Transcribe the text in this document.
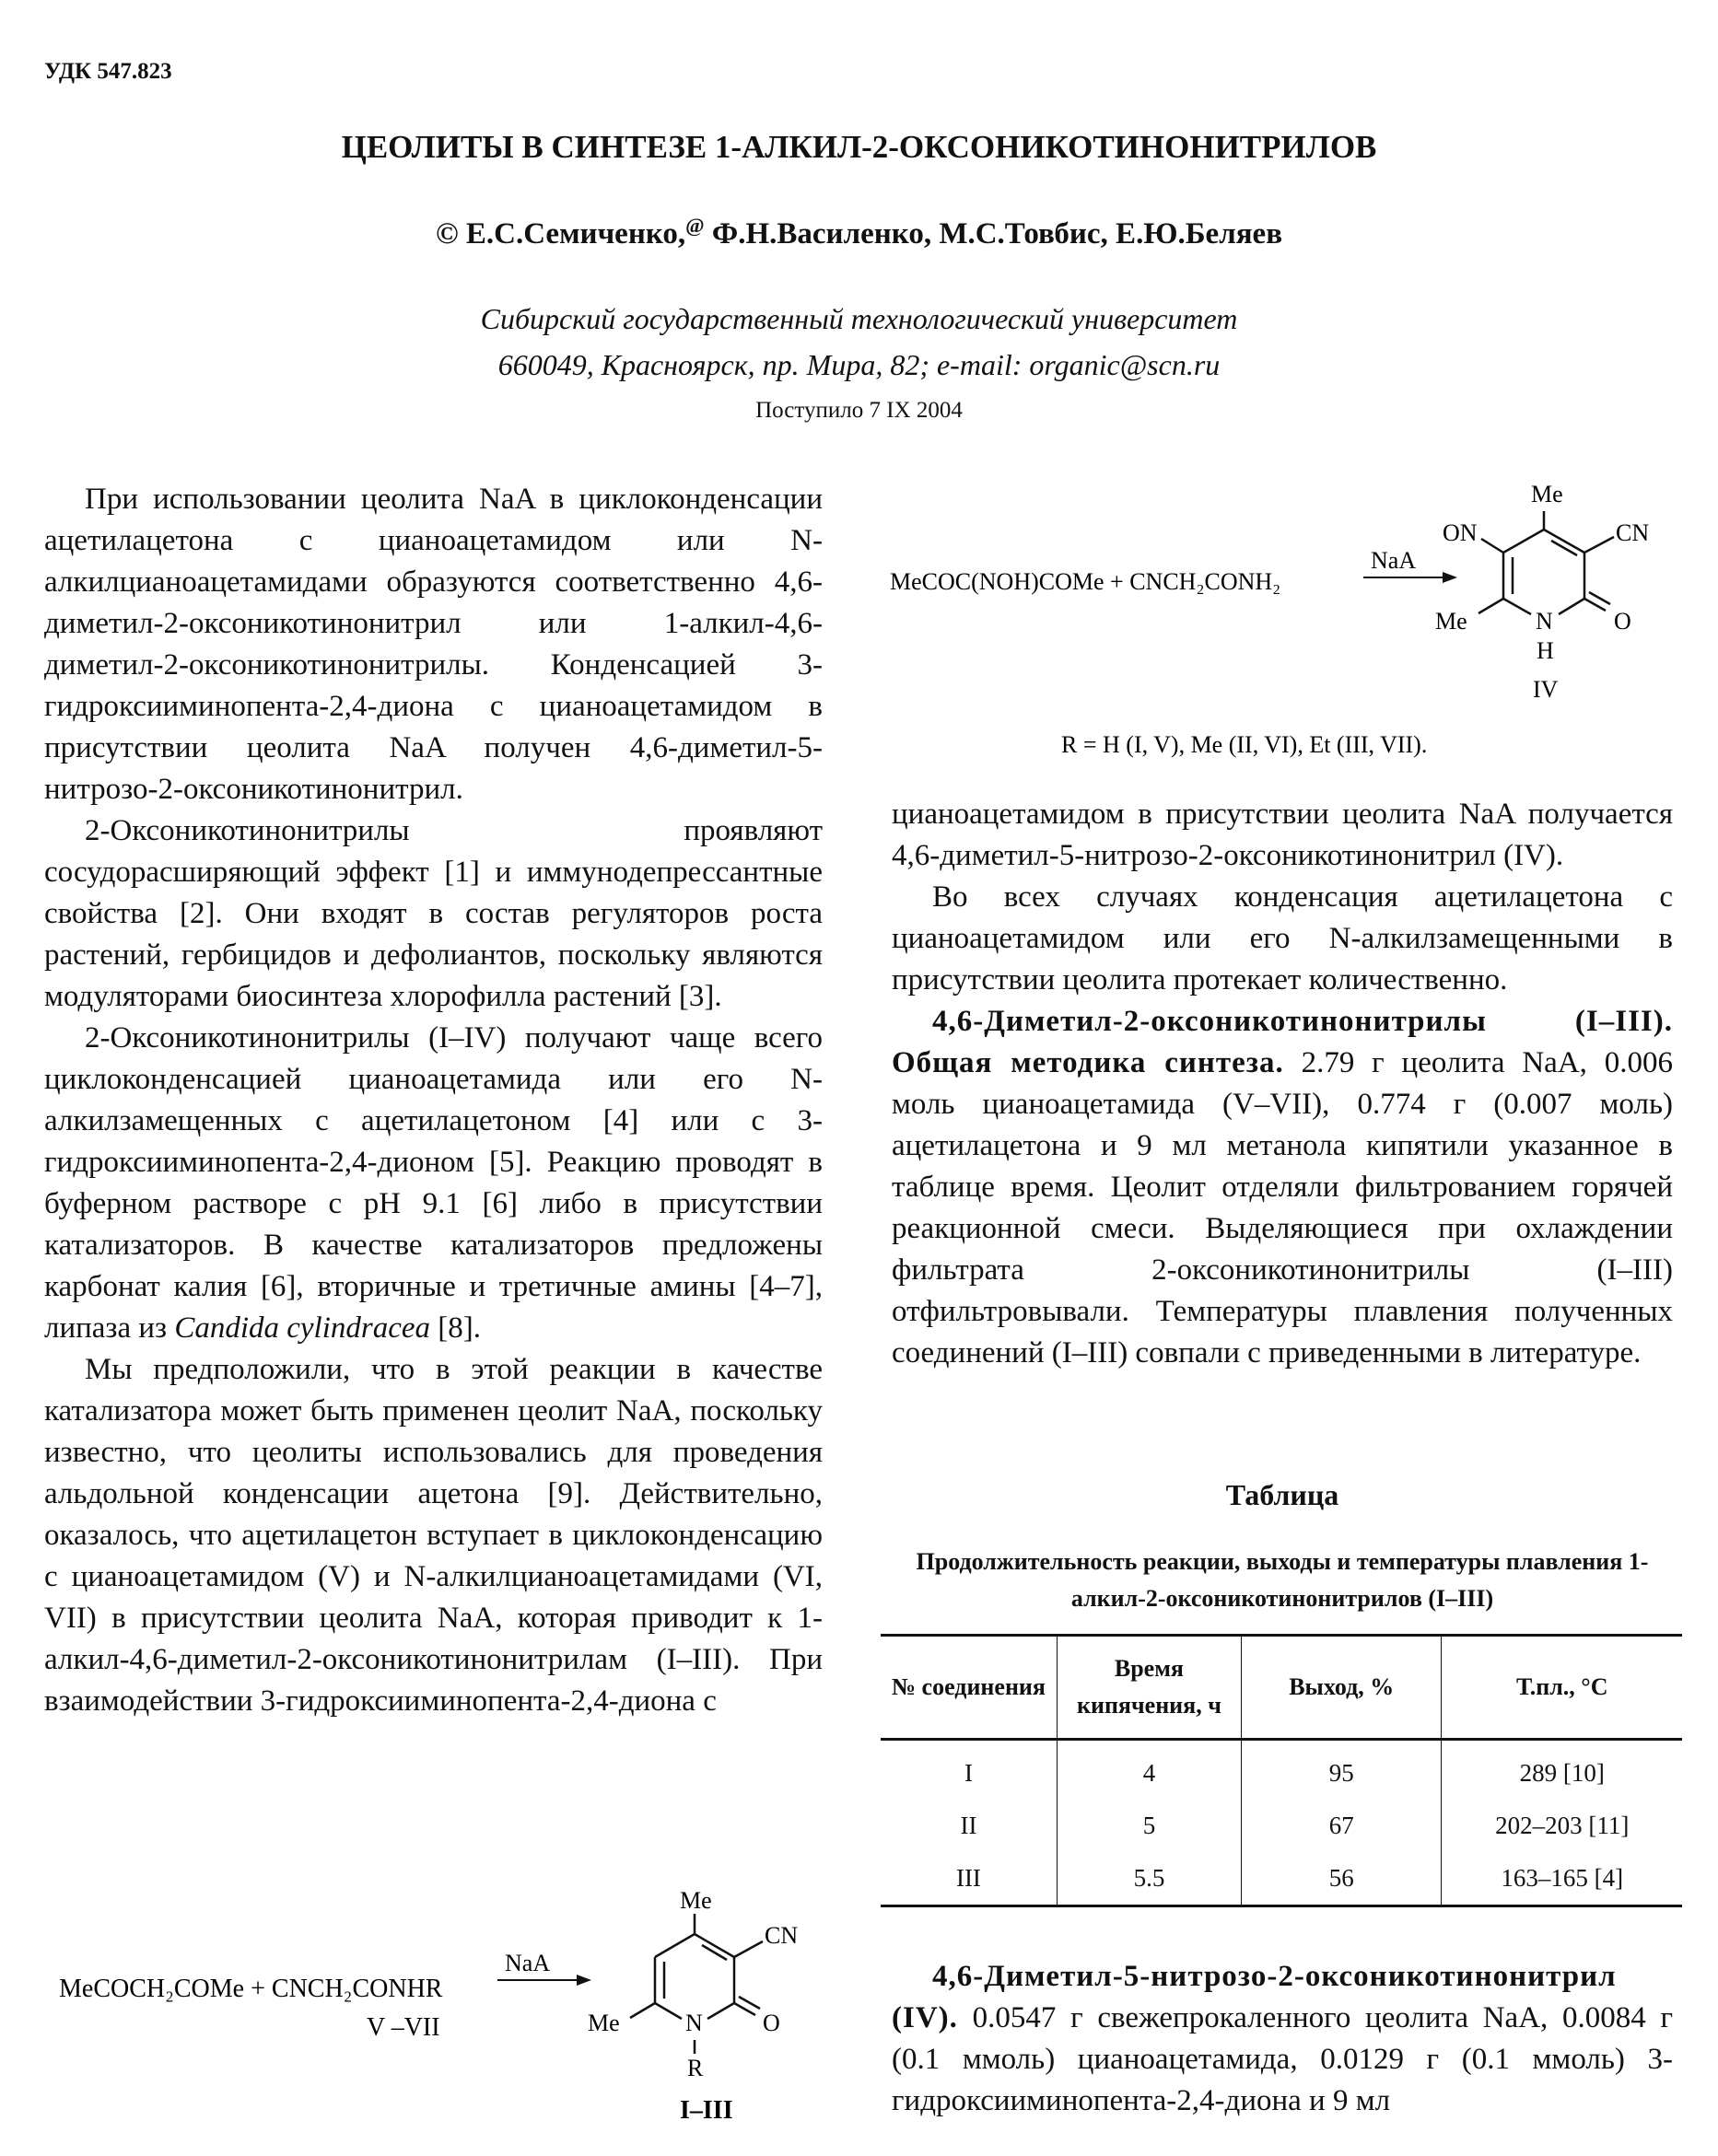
УДК 547.823
ЦЕОЛИТЫ В СИНТЕЗЕ 1-АЛКИЛ-2-ОКСОНИКОТИНОНИТРИЛОВ
© Е.С.Семиченко,@ Ф.Н.Василенко, М.С.Товбис, Е.Ю.Беляев
Сибирский государственный технологический университет
660049, Красноярск, пр. Мира, 82; e-mail: organic@scn.ru
Поступило 7 IX 2004

При использовании цеолита NaA в циклоконденсации ацетилацетона с цианоацетамидом или N-алкилцианоацетамидами образуются соответственно 4,6-диметил-2-оксоникотинонитрил или 1-алкил-4,6-диметил-2-оксоникотинонитрилы. Конденсацией 3-гидроксииминопента-2,4-диона с цианоацетамидом в присутствии цеолита NaA получен 4,6-диметил-5-нитрозо-2-оксоникотинонитрил.

2-Оксоникотинонитрилы проявляют сосудорасширяющий эффект [1] и иммунодепрессантные свойства [2]. Они входят в состав регуляторов роста растений, гербицидов и дефолиантов, поскольку являются модуляторами биосинтеза хлорофилла растений [3].

2-Оксоникотинонитрилы (I–IV) получают чаще всего циклоконденсацией цианоацетамида или его N-алкилзамещенных с ацетилацетоном [4] или с 3-гидроксииминопента-2,4-дионом [5]. Реакцию проводят в буферном растворе с рН 9.1 [6] либо в присутствии катализаторов. В качестве катализаторов предложены карбонат калия [6], вторичные и третичные амины [4–7], липаза из Candida cylindracea [8].

Мы предположили, что в этой реакции в качестве катализатора может быть применен цеолит NaA, поскольку известно, что цеолиты использовались для проведения альдольной конденсации ацетона [9]. Действительно, оказалось, что ацетилацетон вступает в циклоконденсацию с цианоацетамидом (V) и N-алкилцианоацетамидами (VI, VII) в присутствии цеолита NaA, которая приводит к 1-алкил-4,6-диметил-2-оксоникотинонитрилам (I–III). При взаимодействии 3-гидроксииминопента-2,4-диона с

MeCOCH₂COMe + CNCH₂CONHR
NaA
V –VII
Me
CN
Me	N	O
R
I–III
MeCOC(NOH)COMe + CNCH₂CONH₂
NaA
Me
ON	CN
Me	N	O
H
IV
R = H (I, V), Me (II, VI), Et (III, VII).

цианоацетамидом в присутствии цеолита NaA получается 4,6-диметил-5-нитрозо-2-оксоникотинонитрил (IV).

Во всех случаях конденсация ацетилацетона с цианоацетамидом или его N-алкилзамещенными в присутствии цеолита протекает количественно.

4,6-Диметил-2-оксоникотинонитрилы (I–III). Общая методика синтеза. 2.79 г цеолита NaA, 0.006 моль цианоацетамида (V–VII), 0.774 г (0.007 моль) ацетилацетона и 9 мл метанола кипятили указанное в таблице время. Цеолит отделяли фильтрованием горячей реакционной смеси. Выделяющиеся при охлаждении фильтрата 2-оксоникотинонитрилы (I–III) отфильтровывали. Температуры плавления полученных соединений (I–III) совпали с приведенными в литературе.

Таблица
Продолжительность реакции, выходы и температуры плавления 1-алкил-2-оксоникотинонитрилов (I–III)
№ соединения	Время кипячения, ч	Выход, %	Т.пл., °С
I	4	95	289 [10]
II	5	67	202–203 [11]
III	5.5	56	163–165 [4]

4,6-Диметил-5-нитрозо-2-оксоникотинонитрил (IV). 0.0547 г свежепрокаленного цеолита NaA, 0.0084 г (0.1 ммоль) цианоацетамида, 0.0129 г (0.1 ммоль) 3-гидроксииминопента-2,4-диона и 9 мл
